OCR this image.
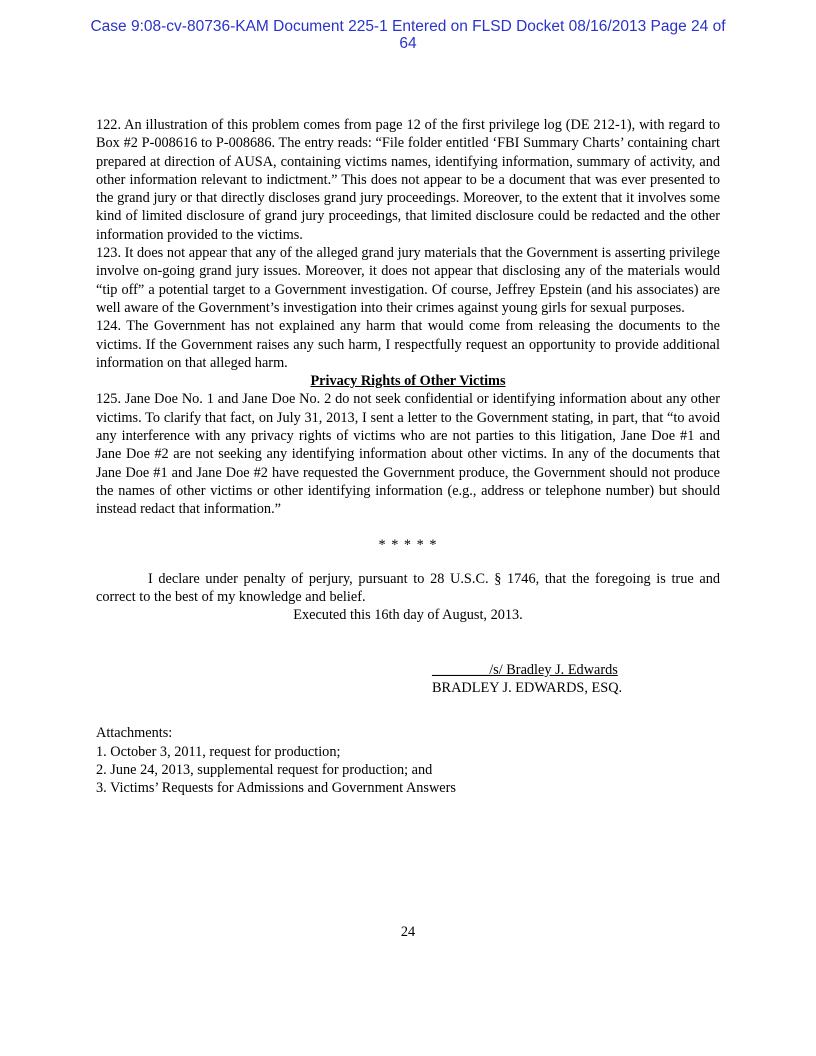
Case 9:08-cv-80736-KAM Document 225-1 Entered on FLSD Docket 08/16/2013 Page 24 of
64

122. An illustration of this problem comes from page 12 of the first privilege log (DE 212-1), with regard to Box #2 P-008616 to P-008686. The entry reads: “File folder entitled ‘FBI Summary Charts’ containing chart prepared at direction of AUSA, containing victims names, identifying information, summary of activity, and other information relevant to indictment.” This does not appear to be a document that was ever presented to the grand jury or that directly discloses grand jury proceedings. Moreover, to the extent that it involves some kind of limited disclosure of grand jury proceedings, that limited disclosure could be redacted and the other information provided to the victims.

123. It does not appear that any of the alleged grand jury materials that the Government is asserting privilege involve on-going grand jury issues. Moreover, it does not appear that disclosing any of the materials would “tip off” a potential target to a Government investigation. Of course, Jeffrey Epstein (and his associates) are well aware of the Government’s investigation into their crimes against young girls for sexual purposes.

124. The Government has not explained any harm that would come from releasing the documents to the victims. If the Government raises any such harm, I respectfully request an opportunity to provide additional information on that alleged harm.

Privacy Rights of Other Victims

125. Jane Doe No. 1 and Jane Doe No. 2 do not seek confidential or identifying information about any other victims. To clarify that fact, on July 31, 2013, I sent a letter to the Government stating, in part, that “to avoid any interference with any privacy rights of victims who are not parties to this litigation, Jane Doe #1 and Jane Doe #2 are not seeking any identifying information about other victims. In any of the documents that Jane Doe #1 and Jane Doe #2 have requested the Government produce, the Government should not produce the names of other victims or other identifying information (e.g., address or telephone number) but should instead redact that information.”

* * * * *

I declare under penalty of perjury, pursuant to 28 U.S.C. § 1746, that the foregoing is true and correct to the best of my knowledge and belief.

Executed this 16th day of August, 2013.

________/s/ Bradley J. Edwards
BRADLEY J. EDWARDS, ESQ.
Attachments:
1. October 3, 2011, request for production;
2. June 24, 2013, supplemental request for production; and
3. Victims’ Requests for Admissions and Government Answers
24
